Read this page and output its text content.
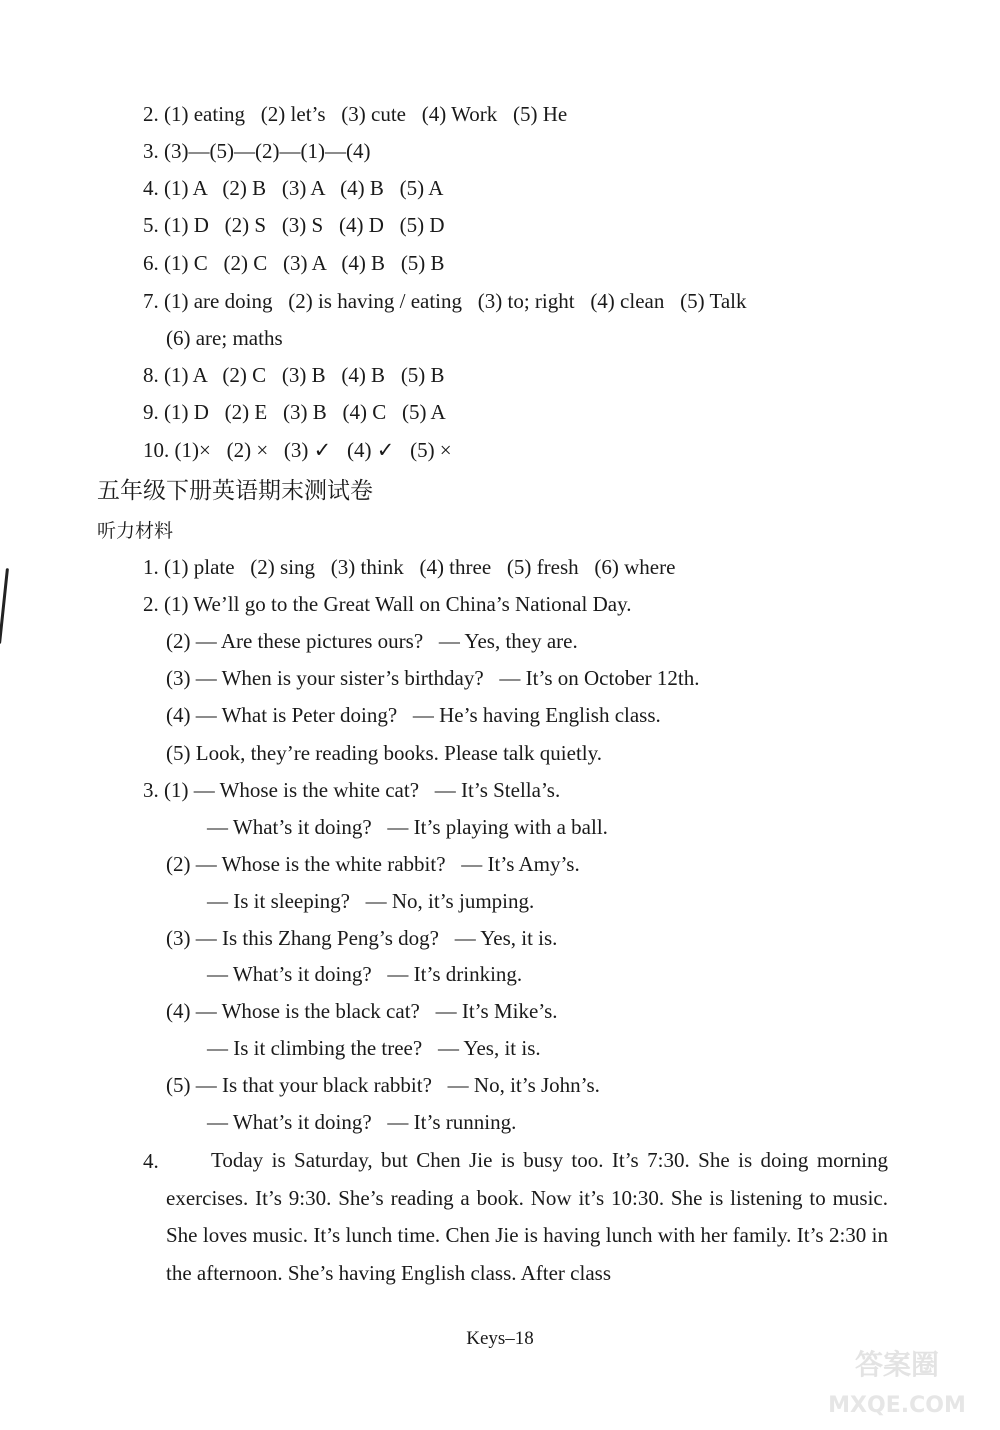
2. (1) eating   (2) let’s   (3) cute   (4) Work   (5) He
3. (3)—(5)—(2)—(1)—(4)
4. (1) A   (2) B   (3) A   (4) B   (5) A
5. (1) D   (2) S   (3) S   (4) D   (5) D
6. (1) C   (2) C   (3) A   (4) B   (5) B
7. (1) are doing   (2) is having / eating   (3) to; right   (4) clean   (5) Talk
(6) are; maths
8. (1) A   (2) C   (3) B   (4) B   (5) B
9. (1) D   (2) E   (3) B   (4) C   (5) A
10. (1)×   (2) ×   (3) ✓   (4) ✓   (5) ×
五年级下册英语期末测试卷
听力材料
1. (1) plate   (2) sing   (3) think   (4) three   (5) fresh   (6) where
2. (1) We’ll go to the Great Wall on China’s National Day.
(2) — Are these pictures ours?   — Yes, they are.
(3) — When is your sister’s birthday?   — It’s on October 12th.
(4) — What is Peter doing?   — He’s having English class.
(5) Look, they’re reading books. Please talk quietly.
3. (1) — Whose is the white cat?   — It’s Stella’s.
— What’s it doing?   — It’s playing with a ball.
(2) — Whose is the white rabbit?   — It’s Amy’s.
— Is it sleeping?   — No, it’s jumping.
(3) — Is this Zhang Peng’s dog?   — Yes, it is.
— What’s it doing?   — It’s drinking.
(4) — Whose is the black cat?   — It’s Mike’s.
— Is it climbing the tree?   — Yes, it is.
(5) — Is that your black rabbit?   — No, it’s John’s.
— What’s it doing?   — It’s running.
4.	Today is Saturday, but Chen Jie is busy too. It’s 7:30. She is doing morning exercises. It’s 9:30. She’s reading a book. Now it’s 10:30. She is listening to music. She loves music. It’s lunch time. Chen Jie is having lunch with her family. It’s 2:30 in the afternoon. She’s having English class. After class
Keys–18
答案圈
MXQE.COM
